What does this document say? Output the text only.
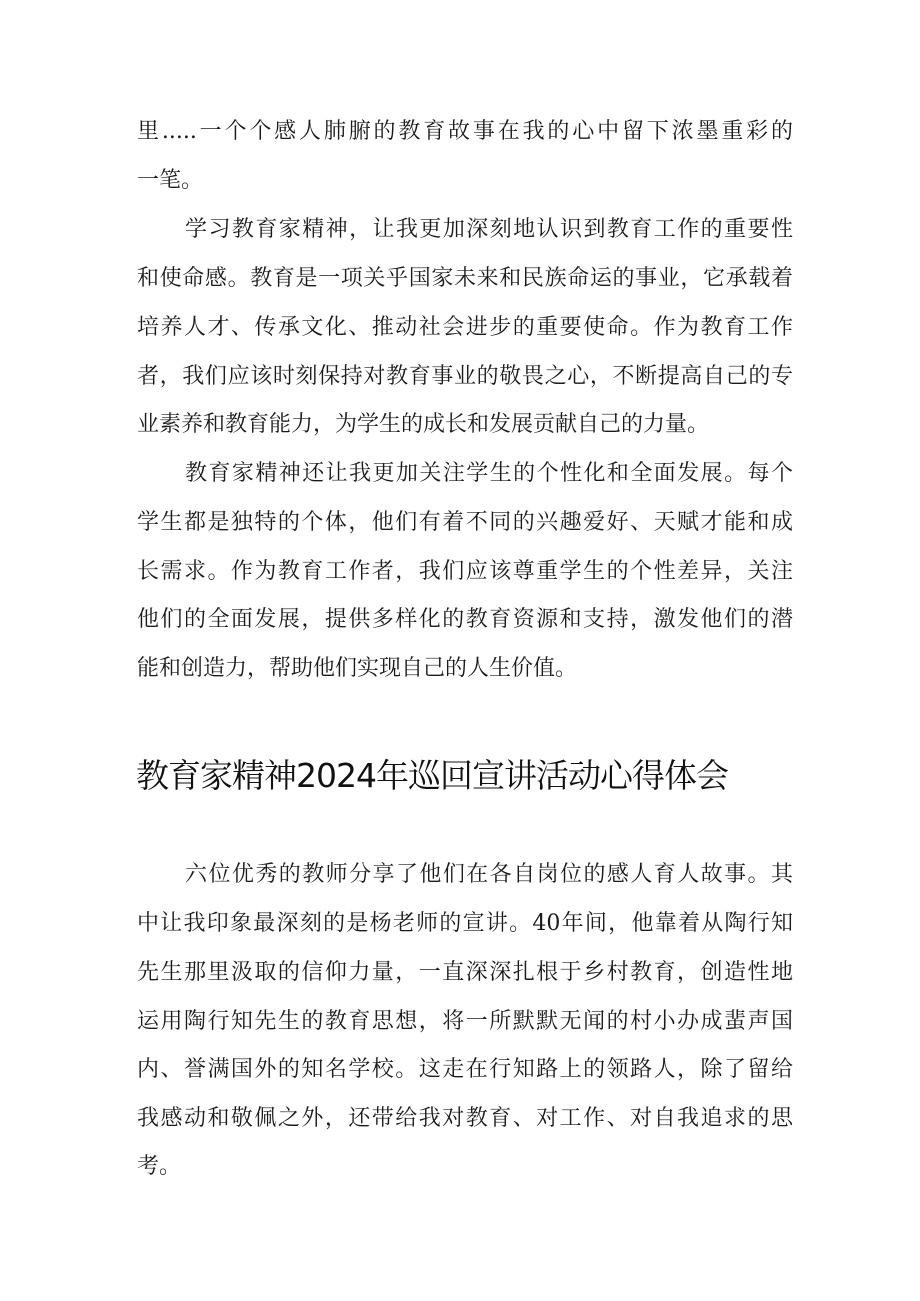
里.....一个个感人肺腑的教育故事在我的心中留下浓墨重彩的
一笔。
学习教育家精神，让我更加深刻地认识到教育工作的重要性
和使命感。教育是一项关乎国家未来和民族命运的事业，它承载着
培养人才、传承文化、推动社会进步的重要使命。作为教育工作
者，我们应该时刻保持对教育事业的敬畏之心，不断提高自己的专
业素养和教育能力，为学生的成长和发展贡献自己的力量。
教育家精神还让我更加关注学生的个性化和全面发展。每个
学生都是独特的个体，他们有着不同的兴趣爱好、天赋才能和成
长需求。作为教育工作者，我们应该尊重学生的个性差异，关注
他们的全面发展，提供多样化的教育资源和支持，激发他们的潜
能和创造力，帮助他们实现自己的人生价值。
教育家精神2024年巡回宣讲活动心得体会
六位优秀的教师分享了他们在各自岗位的感人育人故事。其
中让我印象最深刻的是杨老师的宣讲。40年间，他靠着从陶行知
先生那里汲取的信仰力量，一直深深扎根于乡村教育，创造性地
运用陶行知先生的教育思想，将一所默默无闻的村小办成蜚声国
内、誉满国外的知名学校。这走在行知路上的领路人，除了留给
我感动和敬佩之外，还带给我对教育、对工作、对自我追求的思
考。
